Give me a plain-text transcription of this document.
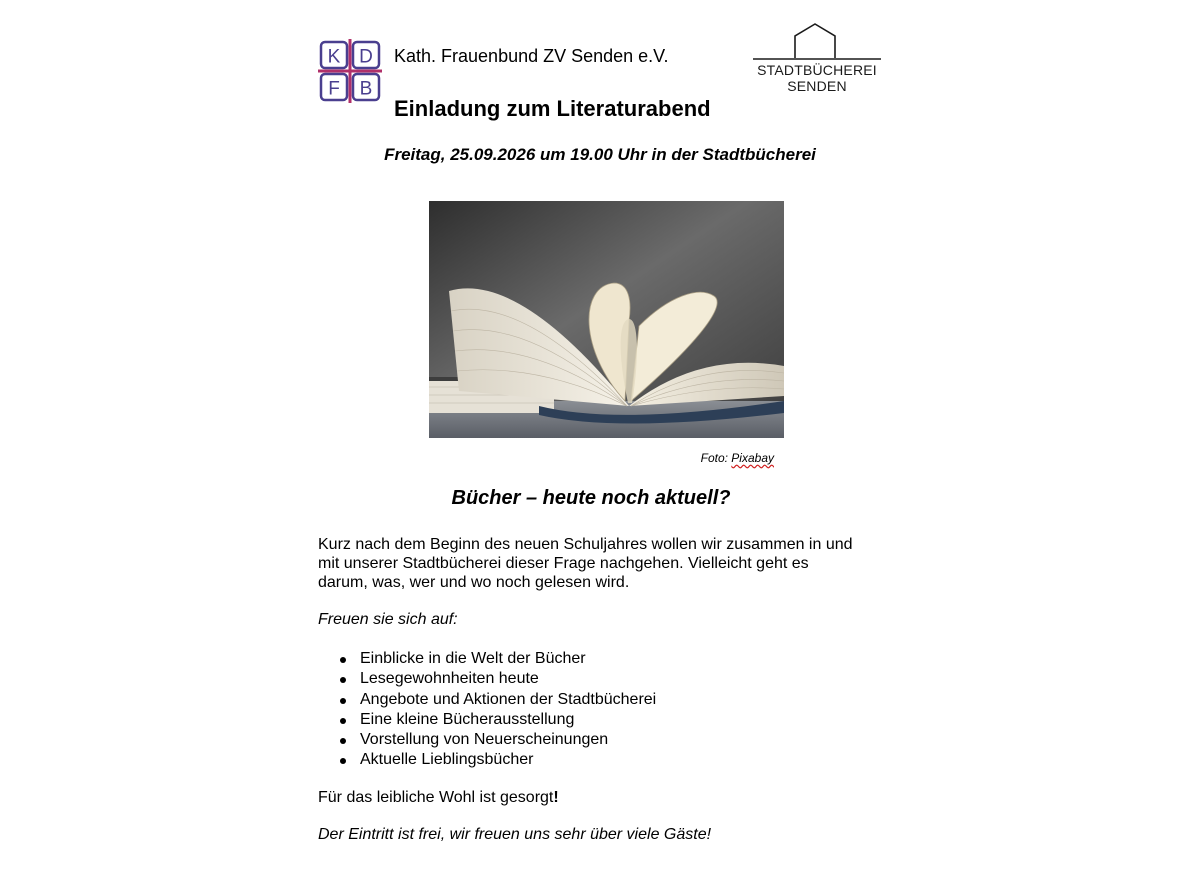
K D
F B
Kath. Frauenbund ZV Senden e.V.
STADTBÜCHEREI
SENDEN
Einladung zum Literaturabend
Freitag, 25.09.2026 um 19.00 Uhr in der Stadtbücherei
Foto: Pixabay
Bücher – heute noch aktuell?

Kurz nach dem Beginn des neuen Schuljahres wollen wir zusammen in und mit unserer Stadtbücherei dieser Frage nachgehen. Vielleicht geht es darum, was, wer und wo noch gelesen wird.

Freuen sie sich auf:
Einblicke in die Welt der Bücher
Lesegewohnheiten heute
Angebote und Aktionen der Stadtbücherei
Eine kleine Bücherausstellung
Vorstellung von Neuerscheinungen
Aktuelle Lieblingsbücher
Für das leibliche Wohl ist gesorgt!
Der Eintritt ist frei, wir freuen uns sehr über viele Gäste!
